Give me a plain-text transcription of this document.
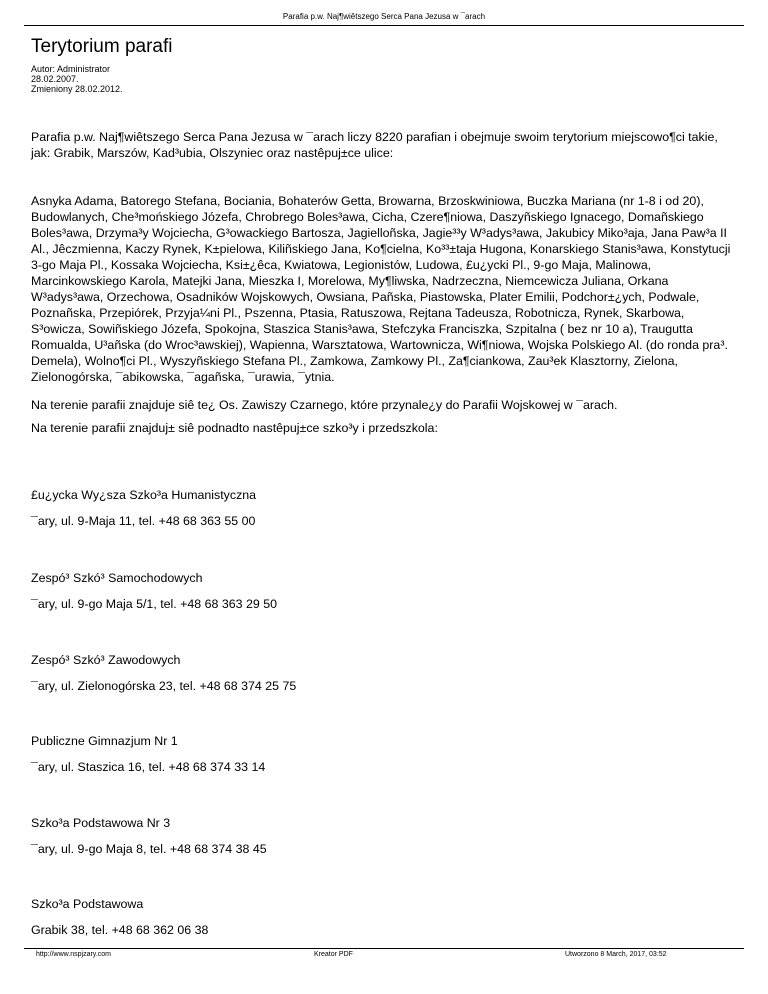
Parafia p.w. Naj¶wiêtszego Serca Pana Jezusa w ¯arach
Terytorium parafi
Autor: Administrator
28.02.2007.
Zmieniony 28.02.2012.

Parafia p.w. Naj¶wiêtszego Serca Pana Jezusa w ¯arach liczy 8220 parafian i obejmuje swoim terytorium miejscowo¶ci takie, jak: Grabik, Marszów, Kad³ubia, Olszyniec oraz nastêpuj±ce ulice:

Asnyka Adama, Batorego Stefana, Bociania, Bohaterów Getta, Browarna, Brzoskwiniowa, Buczka Mariana (nr 1-8 i od 20), Budowlanych, Che³mońskiego Józefa, Chrobrego Boles³awa, Cicha, Czere¶niowa, Daszyñskiego Ignacego, Domañskiego Boles³awa, Drzyma³y Wojciecha, G³owackiego Bartosza, Jagielloñska, Jagie³³y W³adys³awa, Jakubicy Miko³aja, Jana Paw³a II Al., Jêczmienna, Kaczy Rynek, K±pielowa, Kiliñskiego Jana, Ko¶cielna, Ko³³±taja Hugona, Konarskiego Stanis³awa, Konstytucji 3-go Maja Pl., Kossaka Wojciecha, Ksi±¿êca, Kwiatowa, Legionistów, Ludowa, £u¿ycki Pl., 9-go Maja, Malinowa, Marcinkowskiego Karola, Matejki Jana, Mieszka I, Morelowa, My¶liwska, Nadrzeczna, Niemcewicza Juliana, Orkana W³adys³awa, Orzechowa, Osadników Wojskowych, Owsiana, Pañska, Piastowska, Plater Emilii, Podchor±¿ych, Podwale, Poznañska, Przepiórek, Przyja¼ni Pl., Pszenna, Ptasia, Ratuszowa, Rejtana Tadeusza, Robotnicza, Rynek, Skarbowa, S³owicza, Sowiñskiego Józefa, Spokojna, Staszica Stanis³awa, Stefczyka Franciszka, Szpitalna ( bez nr 10 a), Traugutta Romualda, U³añska (do Wroc³awskiej), Wapienna, Warsztatowa, Wartownicza, Wi¶niowa, Wojska Polskiego Al. (do ronda pra³. Demela), Wolno¶ci Pl., Wyszyñskiego Stefana Pl., Zamkowa, Zamkowy Pl., Za¶ciankowa, Zau³ek Klasztorny, Zielona, Zielonogórska, ¯abikowska, ¯agañska, ¯urawia, ¯ytnia.

Na terenie parafii znajduje siê te¿ Os. Zawiszy Czarnego, które przynale¿y do Parafii Wojskowej w ¯arach.

Na terenie parafii znajduj± siê podnadto nastêpuj±ce szko³y i przedszkola:

£u¿ycka Wy¿sza Szko³a Humanistyczna
¯ary, ul. 9-Maja 11, tel. +48 68 363 55 00
Zespó³ Szkó³ Samochodowych
¯ary, ul. 9-go Maja 5/1, tel. +48 68 363 29 50
Zespó³ Szkó³ Zawodowych
¯ary, ul. Zielonogórska 23, tel. +48 68 374 25 75
Publiczne Gimnazjum Nr 1
¯ary, ul. Staszica 16, tel. +48 68 374 33 14
Szko³a Podstawowa Nr 3
¯ary, ul. 9-go Maja 8, tel. +48 68 374 38 45
Szko³a Podstawowa
Grabik 38, tel. +48 68 362 06 38
http://www.nspjzary.com	Kreator PDF	Utworzono 8 March, 2017, 03:52
